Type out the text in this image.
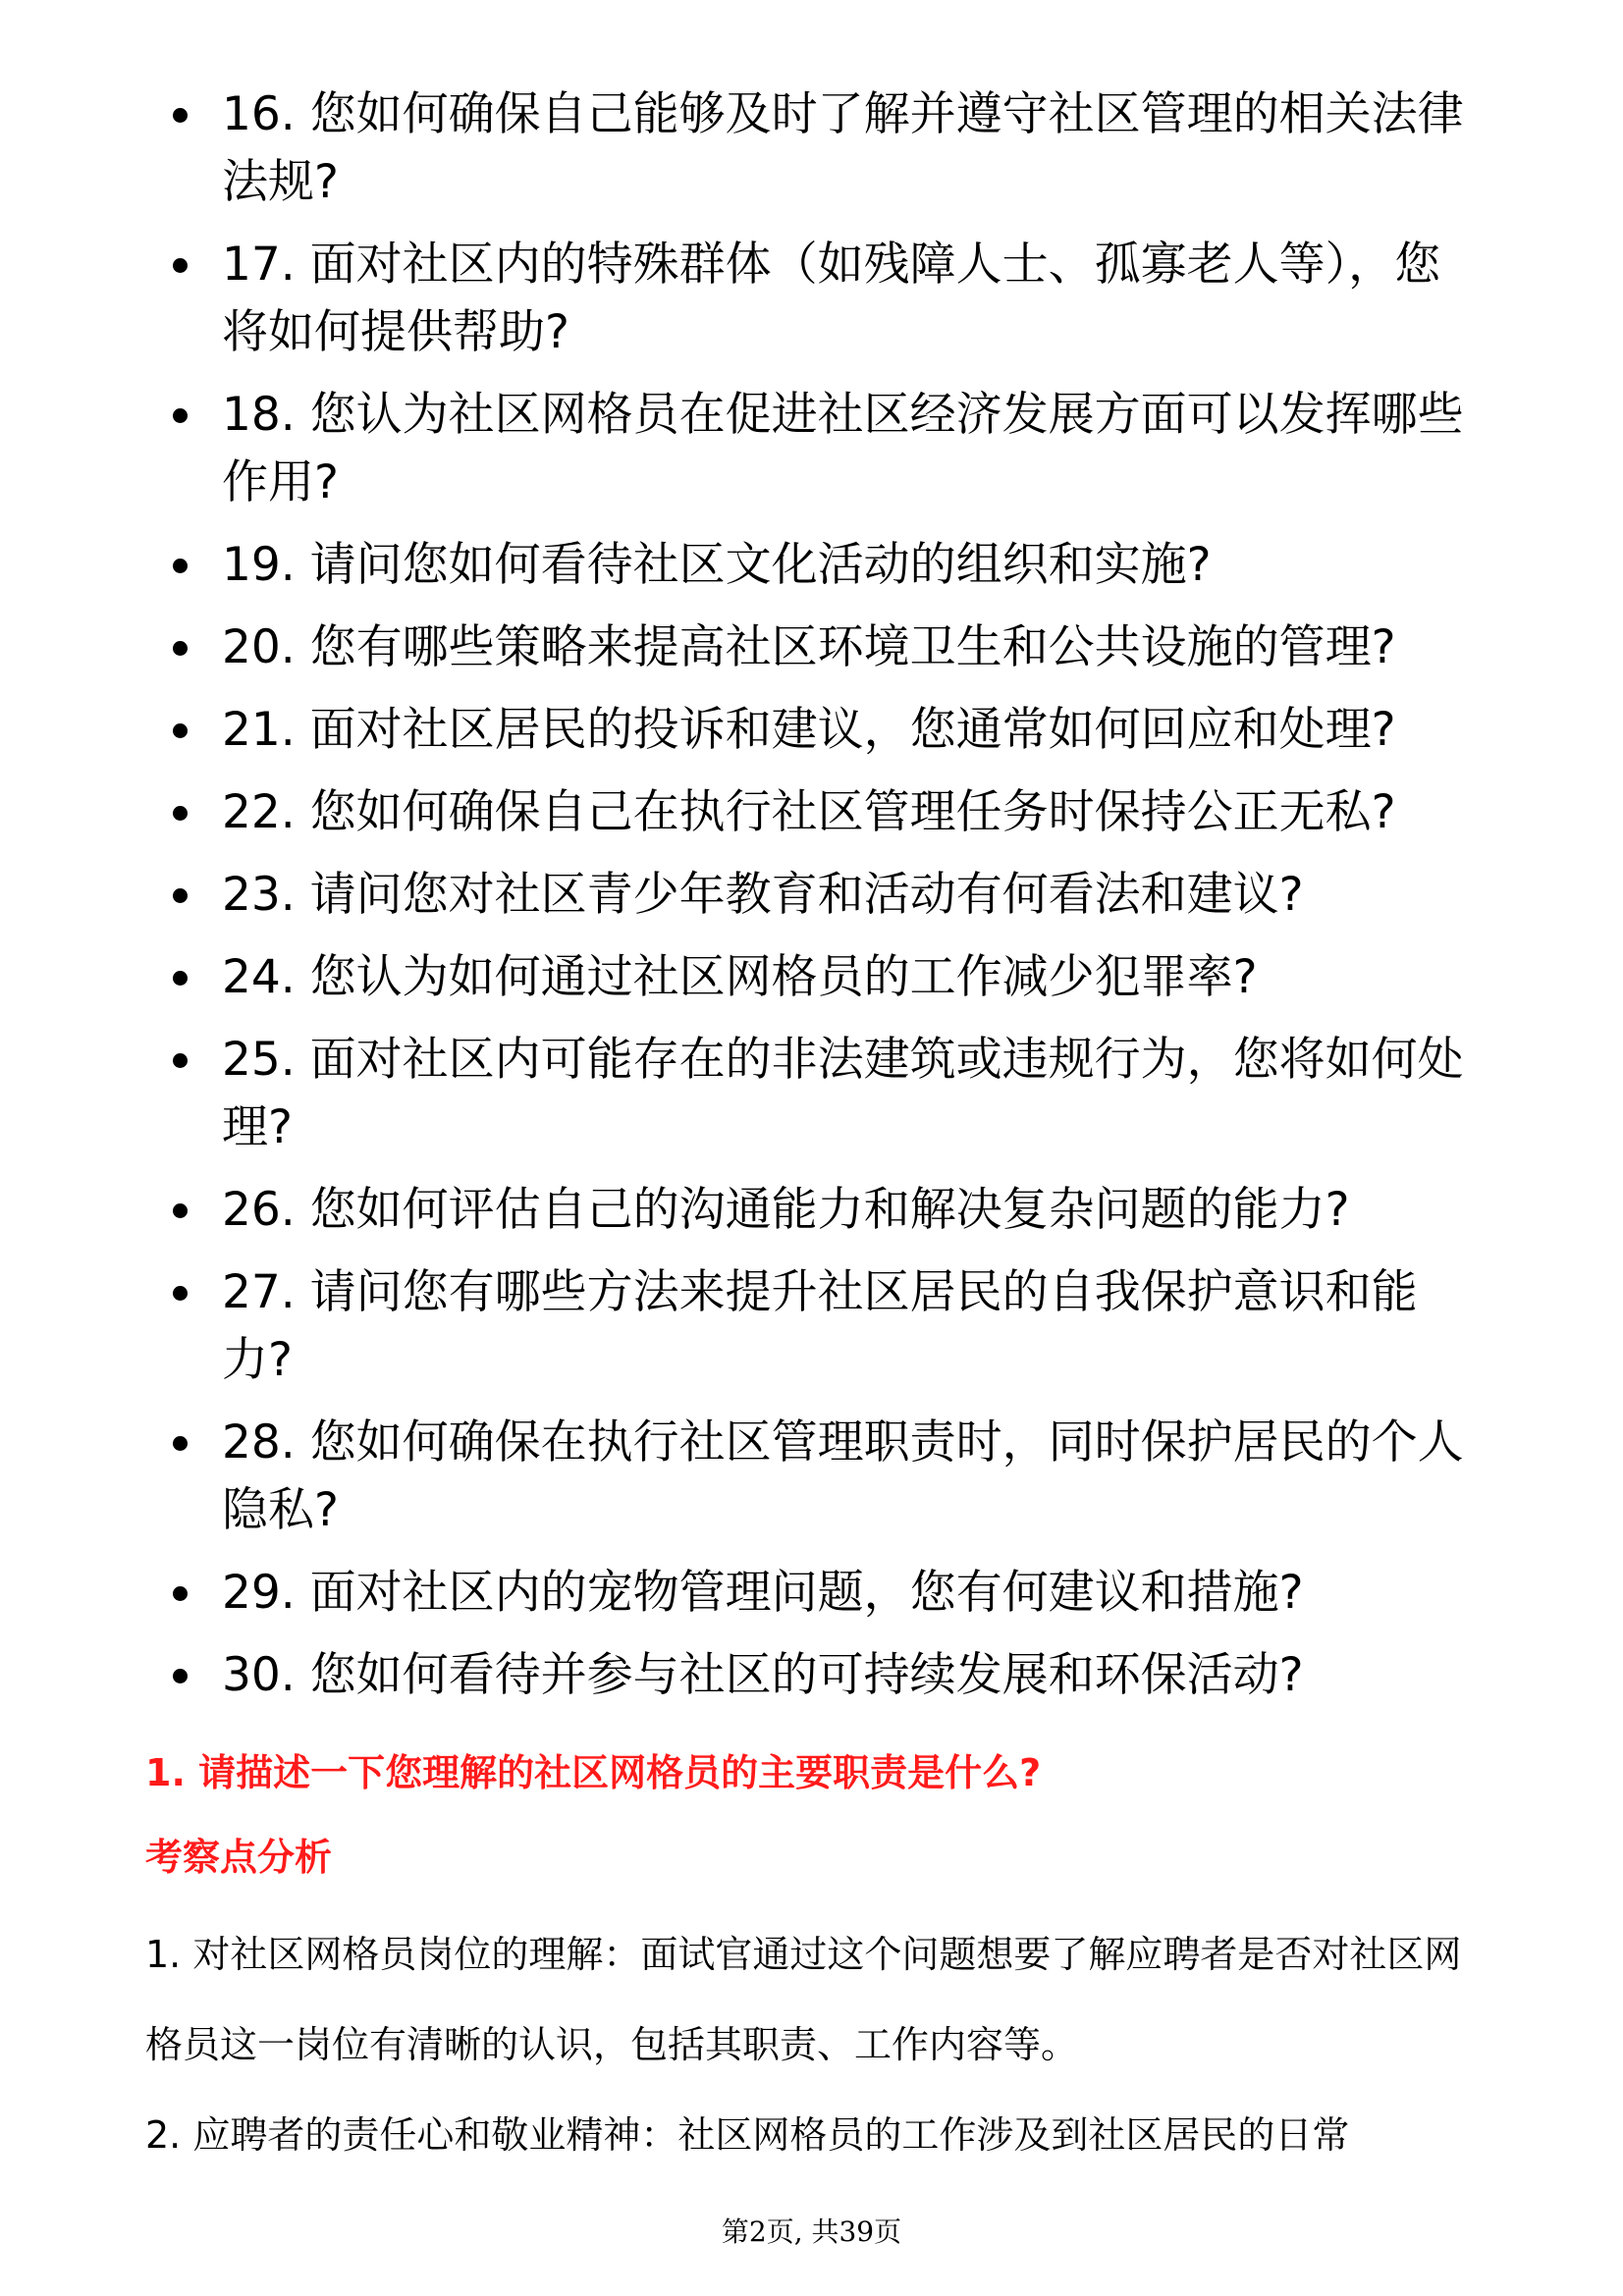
16. 您如何确保自己能够及时了解并遵守社区管理的相关法律法规?
17. 面对社区内的特殊群体（如残障人士、孤寡老人等），您将如何提供帮助?
18. 您认为社区网格员在促进社区经济发展方面可以发挥哪些作用?
19. 请问您如何看待社区文化活动的组织和实施?
20. 您有哪些策略来提高社区环境卫生和公共设施的管理?
21. 面对社区居民的投诉和建议，您通常如何回应和处理?
22. 您如何确保自己在执行社区管理任务时保持公正无私?
23. 请问您对社区青少年教育和活动有何看法和建议?
24. 您认为如何通过社区网格员的工作减少犯罪率?
25. 面对社区内可能存在的非法建筑或违规行为，您将如何处理?
26. 您如何评估自己的沟通能力和解决复杂问题的能力?
27. 请问您有哪些方法来提升社区居民的自我保护意识和能力?
28. 您如何确保在执行社区管理职责时，同时保护居民的个人隐私?
29. 面对社区内的宠物管理问题，您有何建议和措施?
30. 您如何看待并参与社区的可持续发展和环保活动?
1. 请描述一下您理解的社区网格员的主要职责是什么?
考察点分析

1. 对社区网格员岗位的理解：面试官通过这个问题想要了解应聘者是否对社区网格员这一岗位有清晰的认识，包括其职责、工作内容等。

2. 应聘者的责任心和敬业精神：社区网格员的工作涉及到社区居民的日常

第2页, 共39页
